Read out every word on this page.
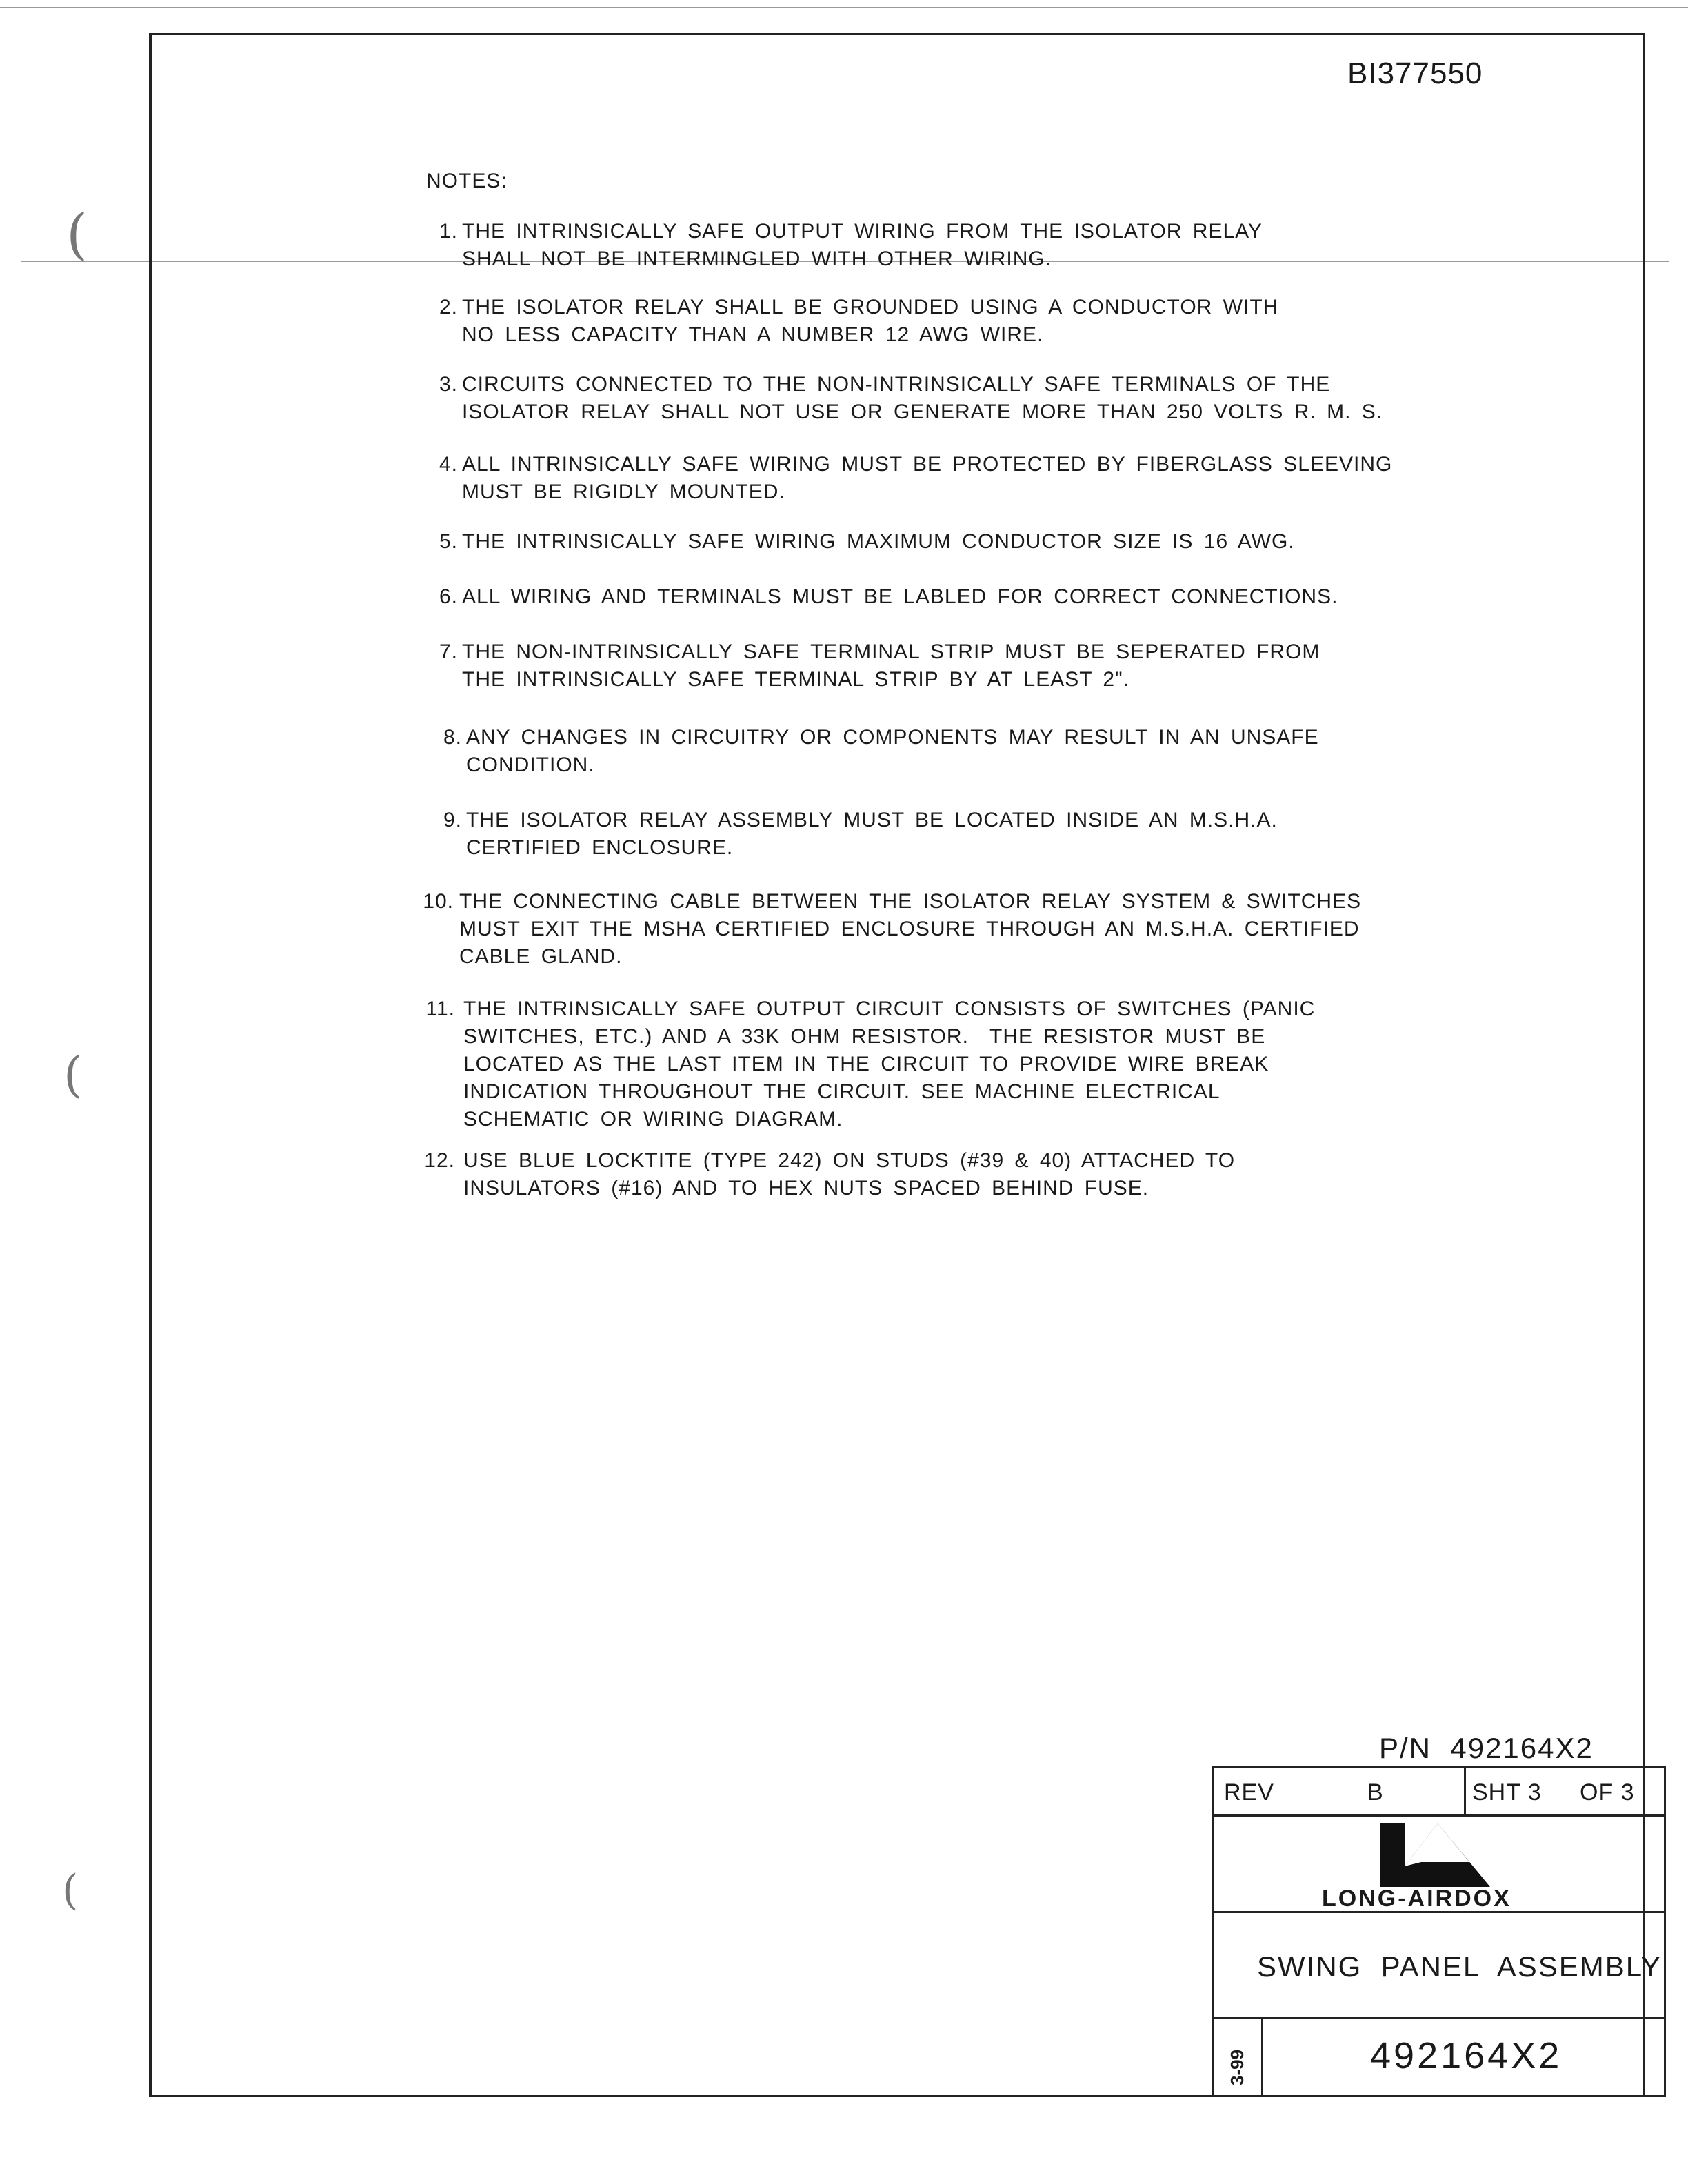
(
(
(
BI377550
NOTES:
1. THE INTRINSICALLY SAFE OUTPUT WIRING FROM THE ISOLATOR RELAY
SHALL NOT BE INTERMINGLED WITH OTHER WIRING.
2. THE ISOLATOR RELAY SHALL BE GROUNDED USING A CONDUCTOR WITH
NO LESS CAPACITY THAN A NUMBER 12 AWG WIRE.
3. CIRCUITS CONNECTED TO THE NON-INTRINSICALLY SAFE TERMINALS OF THE
ISOLATOR RELAY SHALL NOT USE OR GENERATE MORE THAN 250 VOLTS R. M. S.
4. ALL INTRINSICALLY SAFE WIRING MUST BE PROTECTED BY FIBERGLASS SLEEVING
MUST BE RIGIDLY MOUNTED.
5. THE INTRINSICALLY SAFE WIRING MAXIMUM CONDUCTOR SIZE IS 16 AWG.
6. ALL WIRING AND TERMINALS MUST BE LABLED FOR CORRECT CONNECTIONS.
7. THE NON-INTRINSICALLY SAFE TERMINAL STRIP MUST BE SEPERATED FROM
THE INTRINSICALLY SAFE TERMINAL STRIP BY AT LEAST 2".
8. ANY CHANGES IN CIRCUITRY OR COMPONENTS MAY RESULT IN AN UNSAFE
CONDITION.
9. THE ISOLATOR RELAY ASSEMBLY MUST BE LOCATED INSIDE AN M.S.H.A.
CERTIFIED ENCLOSURE.
10. THE CONNECTING CABLE BETWEEN THE ISOLATOR RELAY SYSTEM & SWITCHES
MUST EXIT THE MSHA CERTIFIED ENCLOSURE THROUGH AN M.S.H.A. CERTIFIED
CABLE GLAND.
11. THE INTRINSICALLY SAFE OUTPUT CIRCUIT CONSISTS OF SWITCHES (PANIC
SWITCHES, ETC.) AND A 33K OHM RESISTOR.  THE RESISTOR MUST BE
LOCATED AS THE LAST ITEM IN THE CIRCUIT TO PROVIDE WIRE BREAK
INDICATION THROUGHOUT THE CIRCUIT. SEE MACHINE ELECTRICAL
SCHEMATIC OR WIRING DIAGRAM.
12. USE BLUE LOCKTITE (TYPE 242) ON STUDS (#39 & 40) ATTACHED TO
INSULATORS (#16) AND TO HEX NUTS SPACED BEHIND FUSE.
P/N  492164X2
REV	B	SHT 3 OF 3
LONG-AIRDOX
SWING  PANEL  ASSEMBLY
3-99	492164X2
